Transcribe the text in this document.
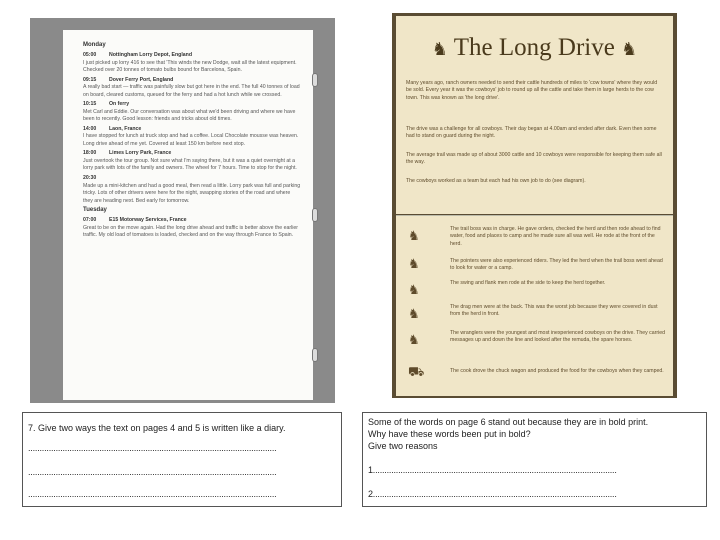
Monday
05:00 Nottingham Lorry Depot, England
I just picked up lorry 416 to see that 'This winds the new Dodge, wait all the latest equipment. Checked over 20 tonnes of tomato bulbs bound for Barcelona, Spain.
09:15 Dover Ferry Port, England
A really bad start — traffic was painfully slow but got here in the end. The full 40 tonnes of load on board, cleared customs, queued for the ferry and had a hot lunch while we crossed.
10:15 On ferry
Met Carl and Eddie. Our conversation was about what we'd been driving and where we have been to recently. Good lesson: friends and tricks about old times.
14:00 Laon, France
I have stopped for lunch at truck stop and had a coffee. Local Chocolate mousse was heaven. Long drive ahead of me yet. Covered at least 150 km before next stop.
18:00 Limes Lorry Park, France
Just overtook the tour group. Not sure what I'm saying there, but it was a quiet overnight at a lorry park with lots of the family and owners. The wheel for 7 hours. Time to stop for the night.
20:30
Made up a mini-kitchen and had a good meal, then read a little. Lorry park was full and parking tricky. Lots of other drivers were here for the night, swapping stories of the road and where they are heading next. Bed early for tomorrow.
Tuesday
07:00 E15 Motorway Services, France
Great to be on the move again. Had the long drive ahead and traffic is better above the earlier traffic. My old load of tomatoes is loaded, checked and on the way through France to Spain.
♞ The Long Drive ♞
Many years ago, ranch owners needed to send their cattle hundreds of miles to 'cow towns' where they would be sold. Every year it was the cowboys' job to round up all the cattle and take them in large herds to the cow town. This was known as 'the long drive'.
The drive was a challenge for all cowboys. Their day began at 4.00am and ended after dark. Even then some had to stand on guard during the night.
The average trail was made up of about 3000 cattle and 10 cowboys were responsible for keeping them safe all the way.
The cowboys worked as a team but each had his own job to do (see diagram).
♞
♞
♞
♞
♞
⛟
The trail boss was in charge. He gave orders, checked the herd and then rode ahead to find water, food and places to camp and he made sure all was well. He rode at the front of the herd.
The pointers were also experienced riders. They led the herd when the trail boss went ahead to look for water or a camp.
The swing and flank men rode at the side to keep the herd together.
The drag men were at the back. This was the worst job because they were covered in dust from the herd in front.
The wranglers were the youngest and most inexperienced cowboys on the drive. They carried messages up and down the line and looked after the remuda, the spare horses.
The cook drove the chuck wagon and produced the food for the cowboys when they camped.
7. Give two ways the text on pages 4 and 5 is written like a diary.
............................................................................................................
............................................................................................................
............................................................................................................
Some of the words on page 6 stand out because they are in bold print.
Why have these words been put in bold?
Give two reasons
1..........................................................................................................
2..........................................................................................................
